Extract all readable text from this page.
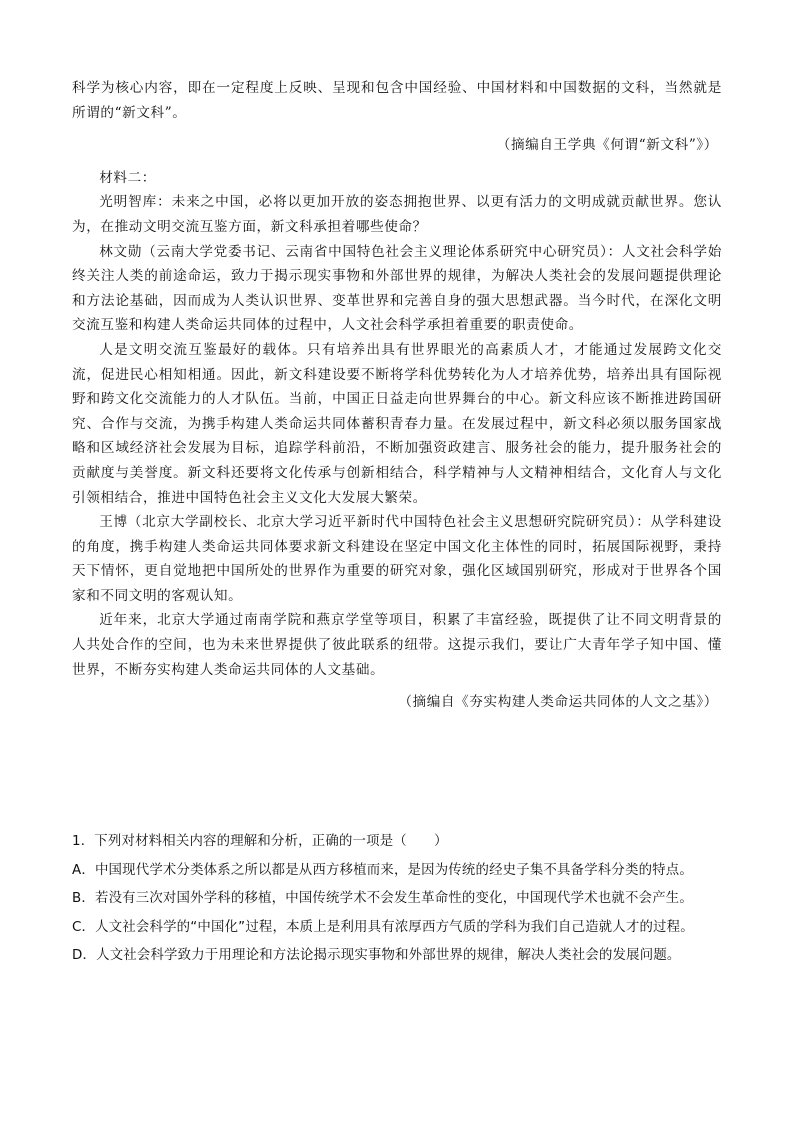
科学为核心内容，即在一定程度上反映、呈现和包含中国经验、中国材料和中国数据的文科，当然就是所谓的“新文科”。

（摘编自王学典《何谓“新文科”》）

材料二：

光明智库：未来之中国，必将以更加开放的姿态拥抱世界、以更有活力的文明成就贡献世界。您认为，在推动文明交流互鉴方面，新文科承担着哪些使命？

林文勋（云南大学党委书记、云南省中国特色社会主义理论体系研究中心研究员）：人文社会科学始终关注人类的前途命运，致力于揭示现实事物和外部世界的规律，为解决人类社会的发展问题提供理论和方法论基础，因而成为人类认识世界、变革世界和完善自身的强大思想武器。当今时代，在深化文明交流互鉴和构建人类命运共同体的过程中，人文社会科学承担着重要的职责使命。

人是文明交流互鉴最好的载体。只有培养出具有世界眼光的高素质人才，才能通过发展跨文化交流，促进民心相知相通。因此，新文科建设要不断将学科优势转化为人才培养优势，培养出具有国际视野和跨文化交流能力的人才队伍。当前，中国正日益走向世界舞台的中心。新文科应该不断推进跨国研究、合作与交流，为携手构建人类命运共同体蓄积青春力量。在发展过程中，新文科必须以服务国家战略和区域经济社会发展为目标，追踪学科前沿，不断加强资政建言、服务社会的能力，提升服务社会的贡献度与美誉度。新文科还要将文化传承与创新相结合，科学精神与人文精神相结合，文化育人与文化引领相结合，推进中国特色社会主义文化大发展大繁荣。

王博（北京大学副校长、北京大学习近平新时代中国特色社会主义思想研究院研究员）：从学科建设的角度，携手构建人类命运共同体要求新文科建设在坚定中国文化主体性的同时，拓展国际视野，秉持天下情怀，更自觉地把中国所处的世界作为重要的研究对象，强化区域国别研究，形成对于世界各个国家和不同文明的客观认知。

近年来，北京大学通过南南学院和燕京学堂等项目，积累了丰富经验，既提供了让不同文明背景的人共处合作的空间，也为未来世界提供了彼此联系的纽带。这提示我们，要让广大青年学子知中国、懂世界，不断夯实构建人类命运共同体的人文基础。

（摘编自《夯实构建人类命运共同体的人文之基》）

1．下列对材料相关内容的理解和分析，正确的一项是（　　）

A．中国现代学术分类体系之所以都是从西方移植而来，是因为传统的经史子集不具备学科分类的特点。

B．若没有三次对国外学科的移植，中国传统学术不会发生革命性的变化，中国现代学术也就不会产生。

C．人文社会科学的“中国化”过程，本质上是利用具有浓厚西方气质的学科为我们自己造就人才的过程。

D．人文社会科学致力于用理论和方法论揭示现实事物和外部世界的规律，解决人类社会的发展问题。
